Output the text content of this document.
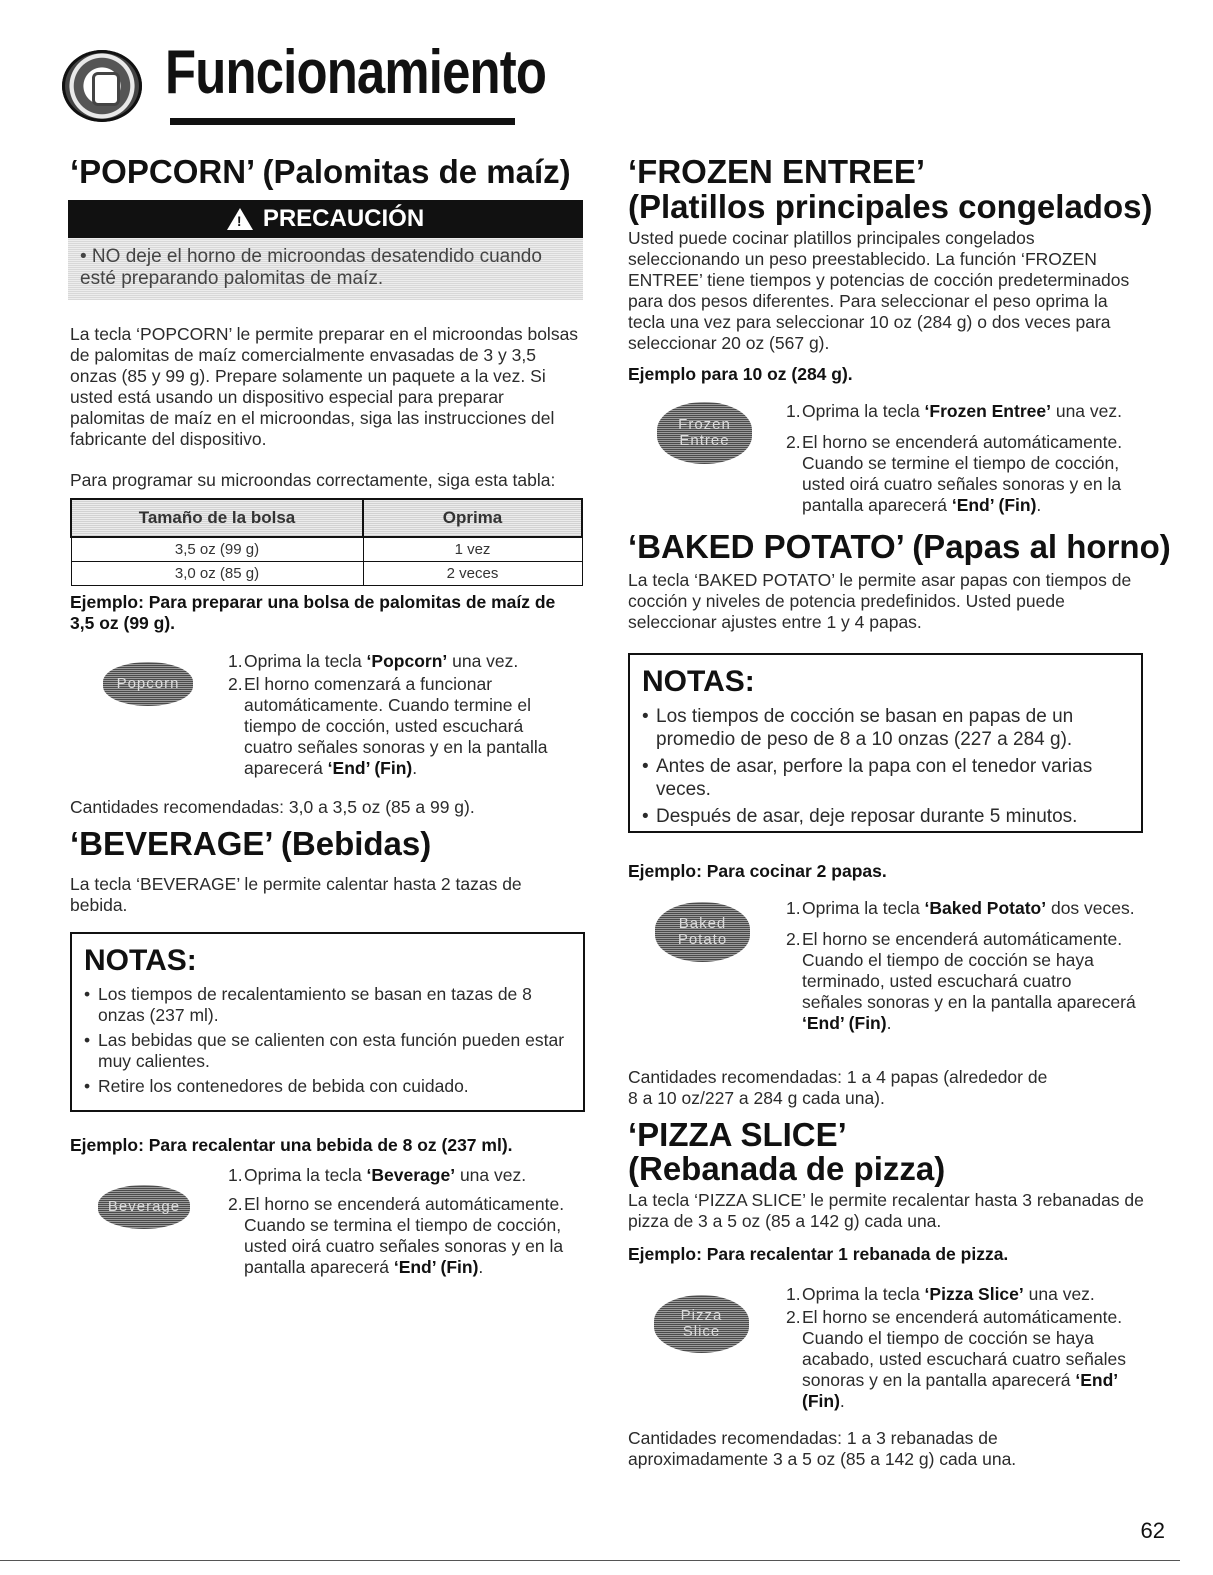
Funcionamiento
‘POPCORN’ (Palomitas de maíz)
! PRECAUCIÓN
• NO deje el horno de microondas desatendido cuando esté preparando palomitas de maíz.
La tecla ‘POPCORN’ le permite preparar en el microondas bolsas de palomitas de maíz comercialmente envasadas de 3 y 3,5 onzas (85 y 99 g). Prepare solamente un paquete a la vez. Si usted está usando un dispositivo especial para preparar palomitas de maíz en el microondas, siga las instrucciones del fabricante del dispositivo.
Para programar su microondas correctamente, siga esta tabla:
Tamaño de la bolsa	Oprima
3,5 oz (99 g)	1 vez
3,0 oz (85 g)	2 veces
Ejemplo: Para preparar una bolsa de palomitas de maíz de 3,5 oz (99 g).
Popcorn
1. Oprima la tecla ‘Popcorn’ una vez.
2. El horno comenzará a funcionar automáticamente. Cuando termine el tiempo de cocción, usted escuchará cuatro señales sonoras y en la pantalla aparecerá ‘End’ (Fin).
Cantidades recomendadas: 3,0 a 3,5 oz (85 a 99 g).
‘BEVERAGE’ (Bebidas)
La tecla ‘BEVERAGE’ le permite calentar hasta 2 tazas de bebida.
NOTAS:
• Los tiempos de recalentamiento se basan en tazas de 8 onzas (237 ml).
• Las bebidas que se calienten con esta función pueden estar muy calientes.
• Retire los contenedores de bebida con cuidado.
Ejemplo: Para recalentar una bebida de 8 oz (237 ml).
Beverage
1. Oprima la tecla ‘Beverage’ una vez.
2. El horno se encenderá automáticamente. Cuando se termina el tiempo de cocción, usted oirá cuatro señales sonoras y en la pantalla aparecerá ‘End’ (Fin).
‘FROZEN ENTREE’
(Platillos principales congelados)
Usted puede cocinar platillos principales congelados seleccionando un peso preestablecido. La función ‘FROZEN ENTREE’ tiene tiempos y potencias de cocción predeterminados para dos pesos diferentes. Para seleccionar el peso oprima la tecla una vez para seleccionar 10 oz (284 g) o dos veces para seleccionar 20 oz (567 g).
Ejemplo para 10 oz (284 g).
Frozen
Entree
1. Oprima la tecla ‘Frozen Entree’ una vez.
2. El horno se encenderá automáticamente. Cuando se termine el tiempo de cocción, usted oirá cuatro señales sonoras y en la pantalla aparecerá ‘End’ (Fin).
‘BAKED POTATO’ (Papas al horno)
La tecla ‘BAKED POTATO’ le permite asar papas con tiempos de cocción y niveles de potencia predefinidos. Usted puede seleccionar ajustes entre 1 y 4 papas.
NOTAS:
• Los tiempos de cocción se basan en papas de un promedio de peso de 8 a 10 onzas (227 a 284 g).
• Antes de asar, perfore la papa con el tenedor varias veces.
• Después de asar, deje reposar durante 5 minutos.
Ejemplo: Para cocinar 2 papas.
Baked
Potato
1. Oprima la tecla ‘Baked Potato’ dos veces.
2. El horno se encenderá automáticamente. Cuando el tiempo de cocción se haya terminado, usted escuchará cuatro señales sonoras y en la pantalla aparecerá ‘End’ (Fin).
Cantidades recomendadas: 1 a 4 papas (alrededor de 8 a 10 oz/227 a 284 g cada una).
‘PIZZA SLICE’
(Rebanada de pizza)
La tecla ‘PIZZA SLICE’ le permite recalentar hasta 3 rebanadas de pizza de 3 a 5 oz (85 a 142 g) cada una.
Ejemplo: Para recalentar 1 rebanada de pizza.
Pizza
Slice
1. Oprima la tecla ‘Pizza Slice’ una vez.
2. El horno se encenderá automáticamente. Cuando el tiempo de cocción se haya acabado, usted escuchará cuatro señales sonoras y en la pantalla aparecerá ‘End’ (Fin).
Cantidades recomendadas: 1 a 3 rebanadas de aproximadamente 3 a 5 oz (85 a 142 g) cada una.
62
